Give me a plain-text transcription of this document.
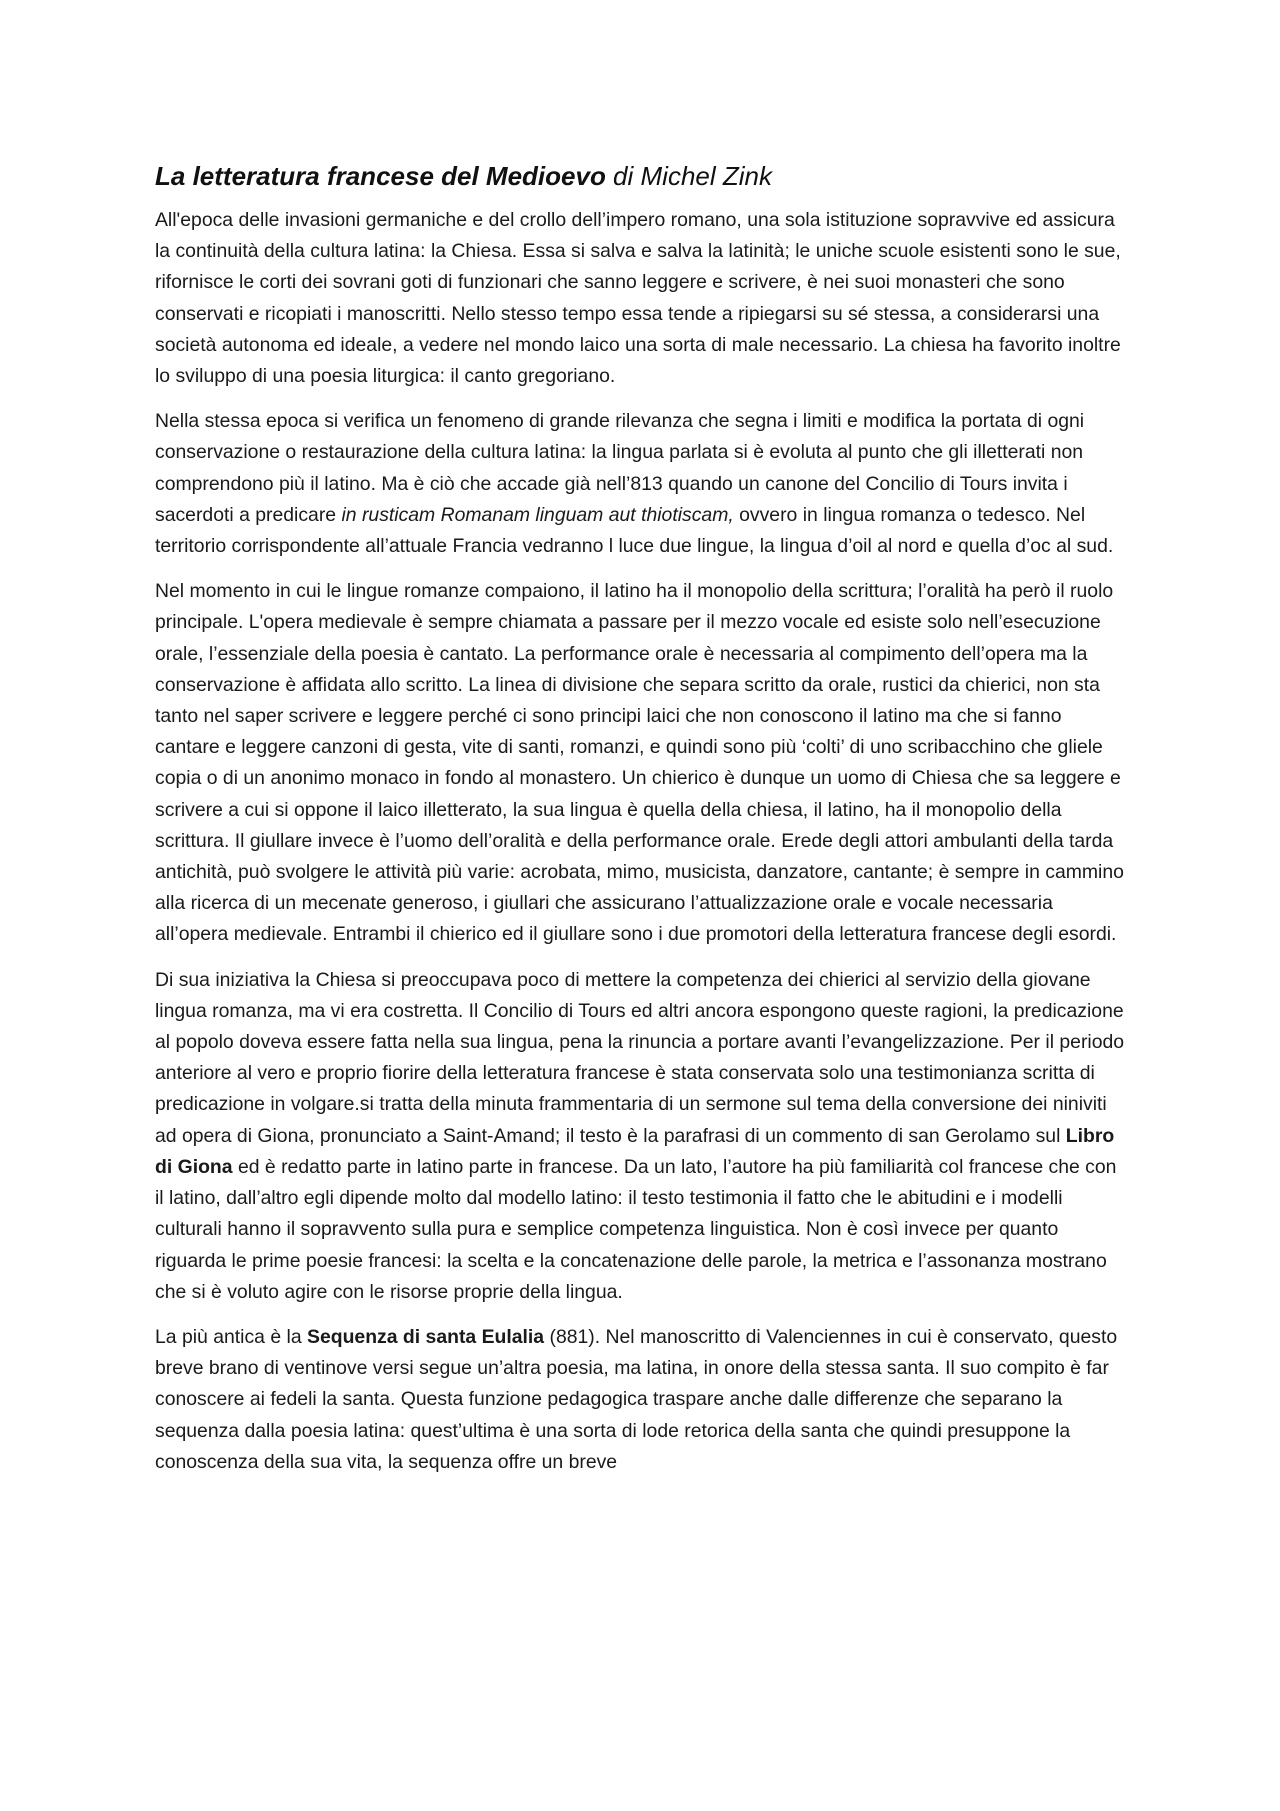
La letteratura francese del Medioevo di Michel Zink

All'epoca delle invasioni germaniche e del crollo dell’impero romano, una sola istituzione sopravvive ed assicura la continuità della cultura latina: la Chiesa. Essa si salva e salva la latinità; le uniche scuole esistenti sono le sue, rifornisce le corti dei sovrani goti di funzionari che sanno leggere e scrivere, è nei suoi monasteri che sono conservati e ricopiati i manoscritti. Nello stesso tempo essa tende a ripiegarsi su sé stessa, a considerarsi una società autonoma ed ideale, a vedere nel mondo laico una sorta di male necessario. La chiesa ha favorito inoltre lo sviluppo di una poesia liturgica: il canto gregoriano.

Nella stessa epoca si verifica un fenomeno di grande rilevanza che segna i limiti e modifica la portata di ogni conservazione o restaurazione della cultura latina: la lingua parlata si è evoluta al punto che gli illetterati non comprendono più il latino. Ma è ciò che accade già nell’813 quando un canone del Concilio di Tours invita i sacerdoti a predicare in rusticam Romanam linguam aut thiotiscam, ovvero in lingua romanza o tedesco. Nel territorio corrispondente all’attuale Francia vedranno l luce due lingue, la lingua d’oil al nord e quella d’oc al sud.

Nel momento in cui le lingue romanze compaiono, il latino ha il monopolio della scrittura; l’oralità ha però il ruolo principale. L'opera medievale è sempre chiamata a passare per il mezzo vocale ed esiste solo nell’esecuzione orale, l’essenziale della poesia è cantato. La performance orale è necessaria al compimento dell’opera ma la conservazione è affidata allo scritto. La linea di divisione che separa scritto da orale, rustici da chierici, non sta tanto nel saper scrivere e leggere perché ci sono principi laici che non conoscono il latino ma che si fanno cantare e leggere canzoni di gesta, vite di santi, romanzi, e quindi sono più ‘colti’ di uno scribacchino che gliele copia o di un anonimo monaco in fondo al monastero. Un chierico è dunque un uomo di Chiesa che sa leggere e scrivere a cui si oppone il laico illetterato, la sua lingua è quella della chiesa, il latino, ha il monopolio della scrittura. Il giullare invece è l’uomo dell’oralità e della performance orale. Erede degli attori ambulanti della tarda antichità, può svolgere le attività più varie: acrobata, mimo, musicista, danzatore, cantante; è sempre in cammino alla ricerca di un mecenate generoso, i giullari che assicurano l’attualizzazione orale e vocale necessaria all’opera medievale. Entrambi il chierico ed il giullare sono i due promotori della letteratura francese degli esordi.

Di sua iniziativa la Chiesa si preoccupava poco di mettere la competenza dei chierici al servizio della giovane lingua romanza, ma vi era costretta. Il Concilio di Tours ed altri ancora espongono queste ragioni, la predicazione al popolo doveva essere fatta nella sua lingua, pena la rinuncia a portare avanti l’evangelizzazione. Per il periodo anteriore al vero e proprio fiorire della letteratura francese è stata conservata solo una testimonianza scritta di predicazione in volgare.si tratta della minuta frammentaria di un sermone sul tema della conversione dei niniviti ad opera di Giona, pronunciato a Saint-Amand; il testo è la parafrasi di un commento di san Gerolamo sul Libro di Giona ed è redatto parte in latino parte in francese. Da un lato, l’autore ha più familiarità col francese che con il latino, dall’altro egli dipende molto dal modello latino: il testo testimonia il fatto che le abitudini e i modelli culturali hanno il sopravvento sulla pura e semplice competenza linguistica. Non è così invece per quanto riguarda le prime poesie francesi: la scelta e la concatenazione delle parole, la metrica e l’assonanza mostrano che si è voluto agire con le risorse proprie della lingua.

La più antica è la Sequenza di santa Eulalia (881). Nel manoscritto di Valenciennes in cui è conservato, questo breve brano di ventinove versi segue un’altra poesia, ma latina, in onore della stessa santa. Il suo compito è far conoscere ai fedeli la santa. Questa funzione pedagogica traspare anche dalle differenze che separano la sequenza dalla poesia latina: quest’ultima è una sorta di lode retorica della santa che quindi presuppone la conoscenza della sua vita, la sequenza offre un breve
